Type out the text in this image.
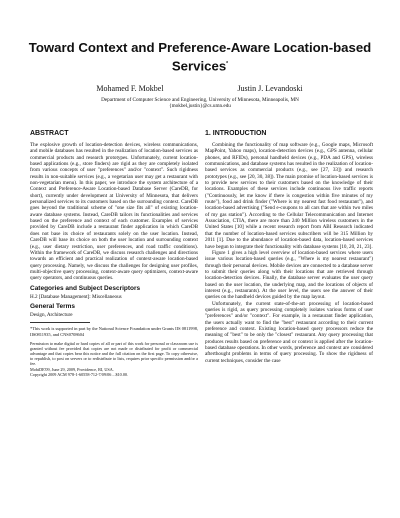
Toward Context and Preference-Aware Location-based
Services*
Mohamed F. Mokbel	Justin J. Levandoski
Department of Computer Science and Engineering, University of Minnesota, Minneapolis, MN
{mokbel,justin}@cs.umn.edu
ABSTRACT

The explosive growth of location-detection devices, wireless communications, and mobile databases has resulted in the realization of location-based services as commercial products and research prototypes. Unfortunately, current location-based applications (e.g., store finders) are rigid as they are completely isolated from various concepts of user "preferences" and/or "context". Such rigidness results in non-suitable services (e.g., a vegetarian user may get a restaurant with non-vegetarian menu). In this paper, we introduce the system architecture of a Context and Preference-Aware Location-based Database Server (CareDB, for short), currently under development at University of Minnesota, that delivers personalized services to its customers based on the surrounding context. CareDB goes beyond the traditional scheme of "one size fits all" of existing location-aware database systems. Instead, CareDB tailors its functionalities and services based on the preference and context of each customer. Examples of services provided by CareDB include a restaurant finder application in which CareDB does not base its choice of restaurants solely on the user location. Instead, CareDB will base its choice on both the user location and surrounding context (e.g., user dietary restriction, user preferences, and road traffic conditions). Within the framework of CareDB, we discuss research challenges and directions towards an efficient and practical realization of context-aware location-based query processing. Namely, we discuss the challenges for designing user profiles, multi-objective query processing, context-aware query optimizers, context-aware query operators, and continuous queries.

Categories and Subject Descriptors

H.2 [Database Management]: Miscellaneous

General Terms

Design, Architecture

*This work is supported in part by the National Science Foundation under Grants IIS 0811998, IIS0811935, and CNS0708604
Permission to make digital or hard copies of all or part of this work for personal or classroom use is granted without fee provided that copies are not made or distributed for profit or commercial advantage and that copies bear this notice and the full citation on the first page. To copy otherwise, to republish, to post on servers or to redistribute to lists, requires prior specific permission and/or a fee.
MobiDE'09, June 29, 2009, Providence, RI, USA.
Copyright 2009 ACM 978-1-60558-712-7/09/06 ...$10.00.
1. INTRODUCTION

Combining the functionality of map software (e.g., Google maps, Microsoft MapPoint, Yahoo maps), location-detection devices (e.g., GPS antenna, cellular phones, and RFIDs), personal handheld devices (e.g., PDA and GPS), wireless communications, and database systems has resulted in the realization of location-based services as commercial products (e.g., see [27, 33]) and research prototypes (e.g., see [20, 30, 38]). The main promise of location-based services is to provide new services to their customers based on the knowledge of their locations. Examples of these services include continuous live traffic reports ("Continuously, let me know if there is congestion within five minutes of my route"), food and drink finder ("Where is my nearest fast food restaurant"), and location-based advertising ("Send e-coupons to all cars that are within two miles of my gas station"). According to the Cellular Telecommunication and Internet Association, CTIA, there are more than 240 Million wireless customers in the United States [10] while a recent research report from ABI Research indicated that the number of location-based services subscribers will be 315 Million by 2011 [1]. Due to the abundance of location-based data, location-based services have begun to integrate their functionality with database systems [10, 20, 21, 23].

Figure 1 gives a high level overview of location-based services where users issue various location-based queries (e.g., "Where is my nearest restaurant") through their personal devices. Mobile devices are connected to a database server to submit their queries along with their locations that are retrieved through location-detection devices. Finally, the database server evaluates the user query based on the user location, the underlying map, and the locations of objects of interest (e.g., restaurants). At the user level, the users see the answer of their queries on the handheld devices guided by the map layout.

Unfortunately, the current state-of-the-art processing of location-based queries is rigid, as query processing completely isolates various forms of user "preferences" and/or "context". For example, in a restaurant finder application, the users actually want to find the "best" restaurant according to their current preference and context. Existing location-based query processors reduce the meaning of "best" to be only the "closest" restaurant. Any query processing that produces results based on preference and or context is applied after the location-based database operations. In other words, preference and context are considered afterthought problems in terms of query processing. To show the rigidness of current techniques, consider the case
